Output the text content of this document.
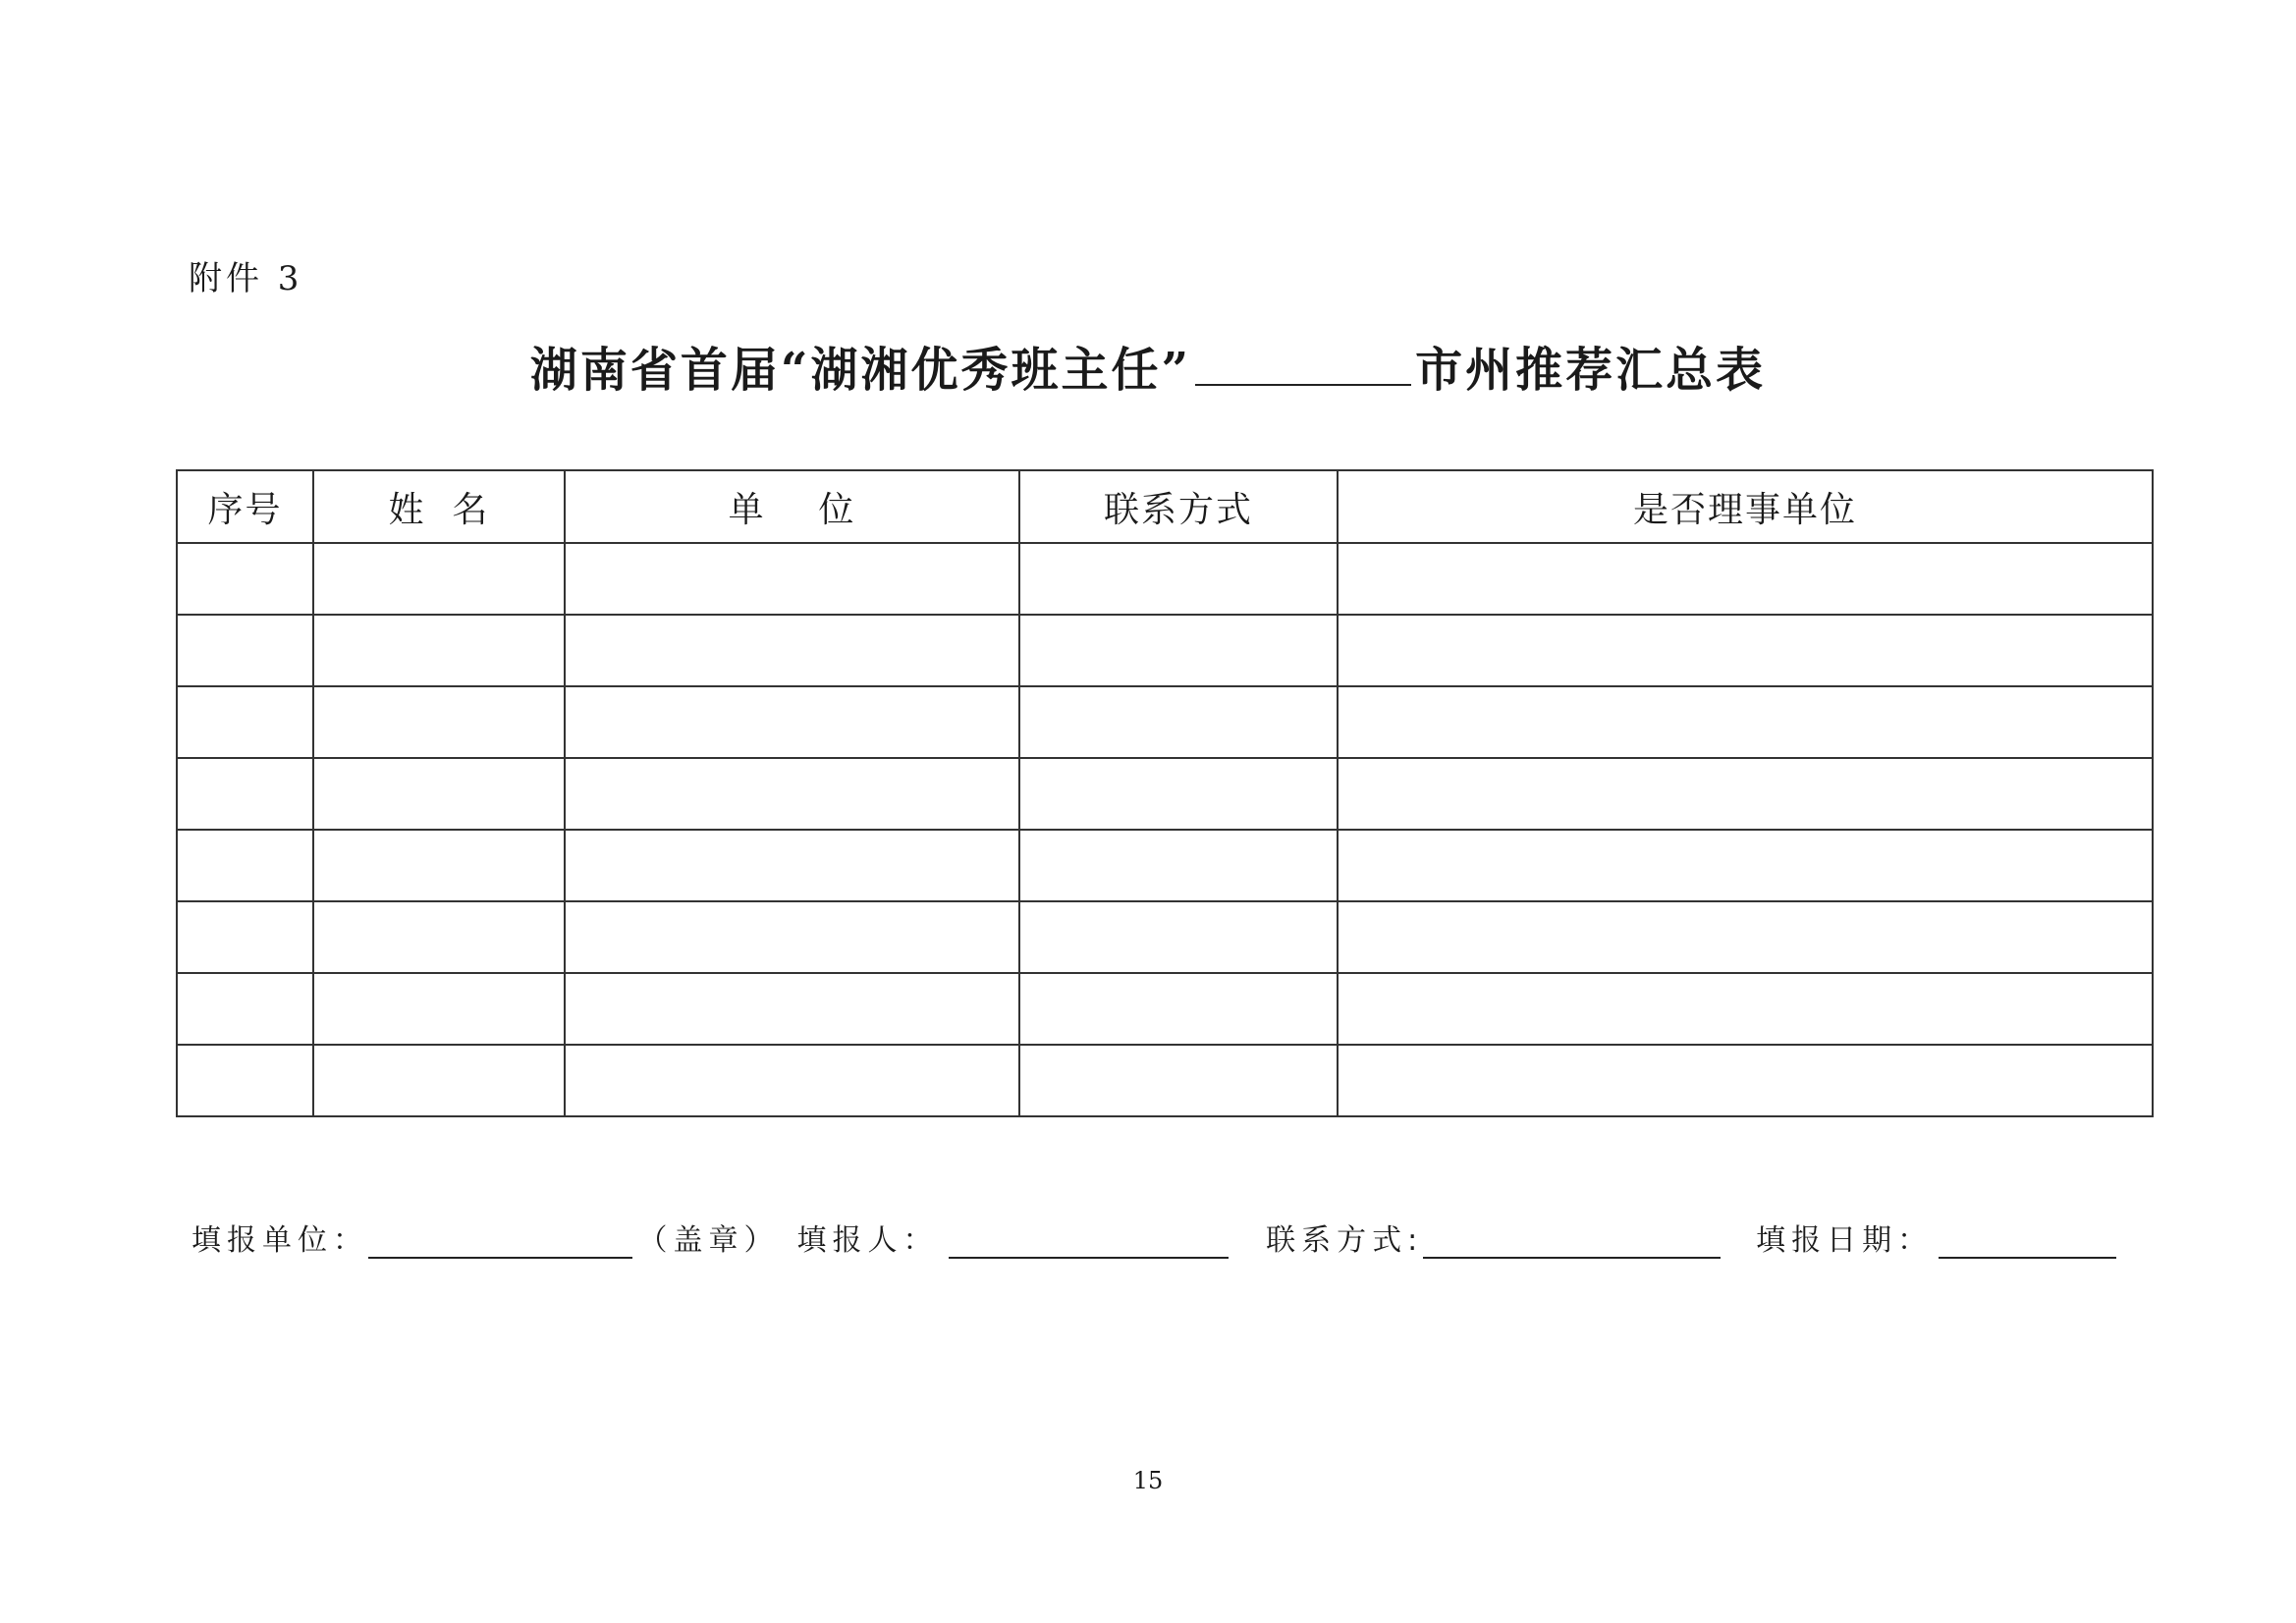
附件 3
湖南省首届“湖湘优秀班主任”	市州推荐汇总表
序号	姓  名	单    位	联系方式	是否理事单位

填报单位：	（盖章） 填报人：	联系方式:	填报日期：
15
